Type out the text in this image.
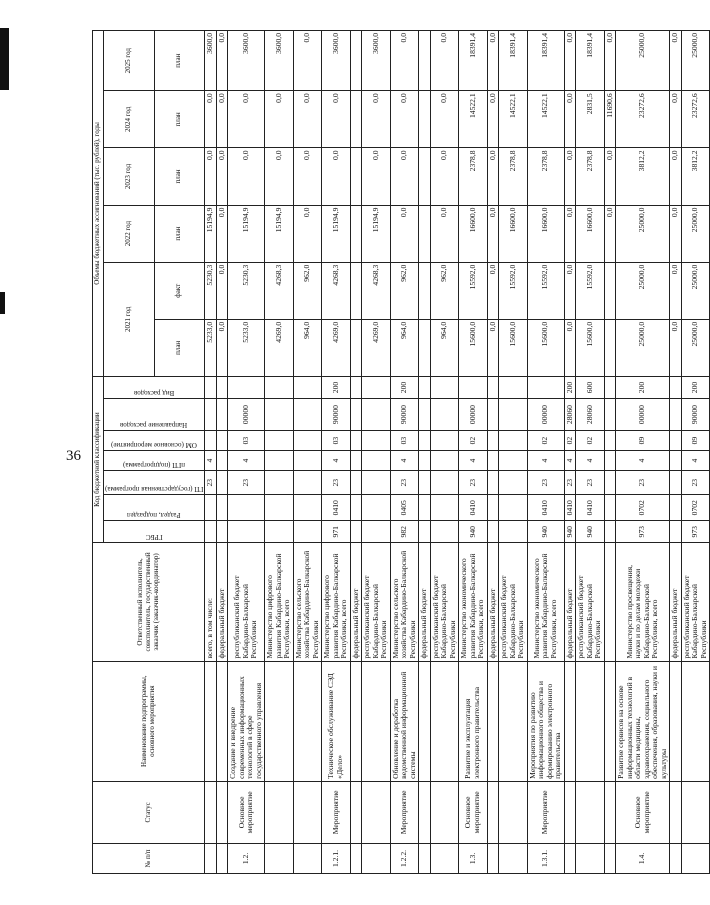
36
№ п/п	Статус	Наименование подпрограммы, основного мероприятия	Ответственный исполнитель, соисполнитель, государственный заказчик (заказчик-координатор)	Код бюджетной классификации							Объемы бюджетных ассигнований (тыс. рублей), годы					

				ГРБС	Раздел, подраздел	ГП (государственная программа)	пГП (подпрограмма)	ОМ (основное мероприятие)	Направление расходов	Вид расходов	2021 год		2022 год	2023 год	2024 год	2025 год
											план	факт	план	план	план	план
			всего, в том числе:			23	4				5233,0	5230,3	15194,9	0,0	0,0	3600,0
			федеральный бюджет								0,0	0,0	0,0	0,0	0,0	0,0
1.2.	Основное мероприятие	Создание и внедрение современных информационных технологий в сфере государственного управления	республиканский бюджет Кабардино-Балкарской Республики			23	4	03	00000		5233,0	5230,3	15194,9	0,0	0,0	3600,0
			Министерство цифрового развития Кабардино-Балкарской Республики, всего								4269,0	4268,3	15194,9	0,0	0,0	3600,0
			Министерство сельского хозяйства Кабардино-Балкарской Республики								964,0	962,0	0,0	0,0	0,0	0,0
1.2.1.	Мероприятие	Техническое обслуживание СЭД «Дело»	Министерство цифрового развития Кабардино-Балкарской Республики, всего	971	0410	23	4	03	90000	200	4269,0	4268,3	15194,9	0,0	0,0	3600,0
			федеральный бюджет													
			республиканский бюджет Кабардино-Балкарской Республики								4269,0	4268,3	15194,9	0,0	0,0	3600,0
1.2.2.	Мероприятие	Обновление и доработка ведомственной информационной системы	Министерство сельского хозяйства Кабардино-Балкарской Республики	982	0405	23	4	03	90000	200	964,0	962,0	0,0	0,0	0,0	0,0
			федеральный бюджет													
			республиканский бюджет Кабардино-Балкарской Республики								964,0	962,0	0,0	0,0	0,0	0,0
1.3.	Основное мероприятие	Развитие и эксплуатация электронного правительства	Министерство экономического развития Кабардино-Балкарской Республики, всего	940	0410	23	4	02	00000		15600,0	15592,0	16600,0	2378,8	14522,1	18391,4
			федеральный бюджет								0,0	0,0	0,0	0,0	0,0	0,0
			республиканский бюджет Кабардино-Балкарской Республики								15600,0	15592,0	16600,0	2378,8	14522,1	18391,4
1.3.1.	Мероприятие	Мероприятия по развитию информационного общества и формированию электронного правительства	Министерство экономического развития Кабардино-Балкарской Республики, всего	940	0410	23	4	02	00000		15600,0	15592,0	16600,0	2378,8	14522,1	18391,4
			федеральный бюджет	940	0410	23	4	02	28060	200	0,0	0,0	0,0	0,0	0,0	0,0
			республиканский бюджет Кабардино-Балкарской Республики	940	0410	23	4	02	28060	600	15600,0	15592,0	16600,0	2378,8	2831,5	18391,4
													0,0	0,0	11690,6	0,0
1.4.	Основное мероприятие	Развитие сервисов на основе информационных технологий в области медицины, здравоохранения, социального обеспечения, образования, науки и культуры	Министерство просвещения, науки и по делам молодежи Кабардино-Балкарской Республики, всего	973	0702	23	4	09	00000	200	25000,0	25000,0	25000,0	3812,2	23272,6	25000,0
			федеральный бюджет								0,0	0,0	0,0	0,0	0,0	0,0
			республиканский бюджет Кабардино-Балкарской Республики	973	0702	23	4	09	90000	200	25000,0	25000,0	25000,0	3812,2	23272,6	25000,0
